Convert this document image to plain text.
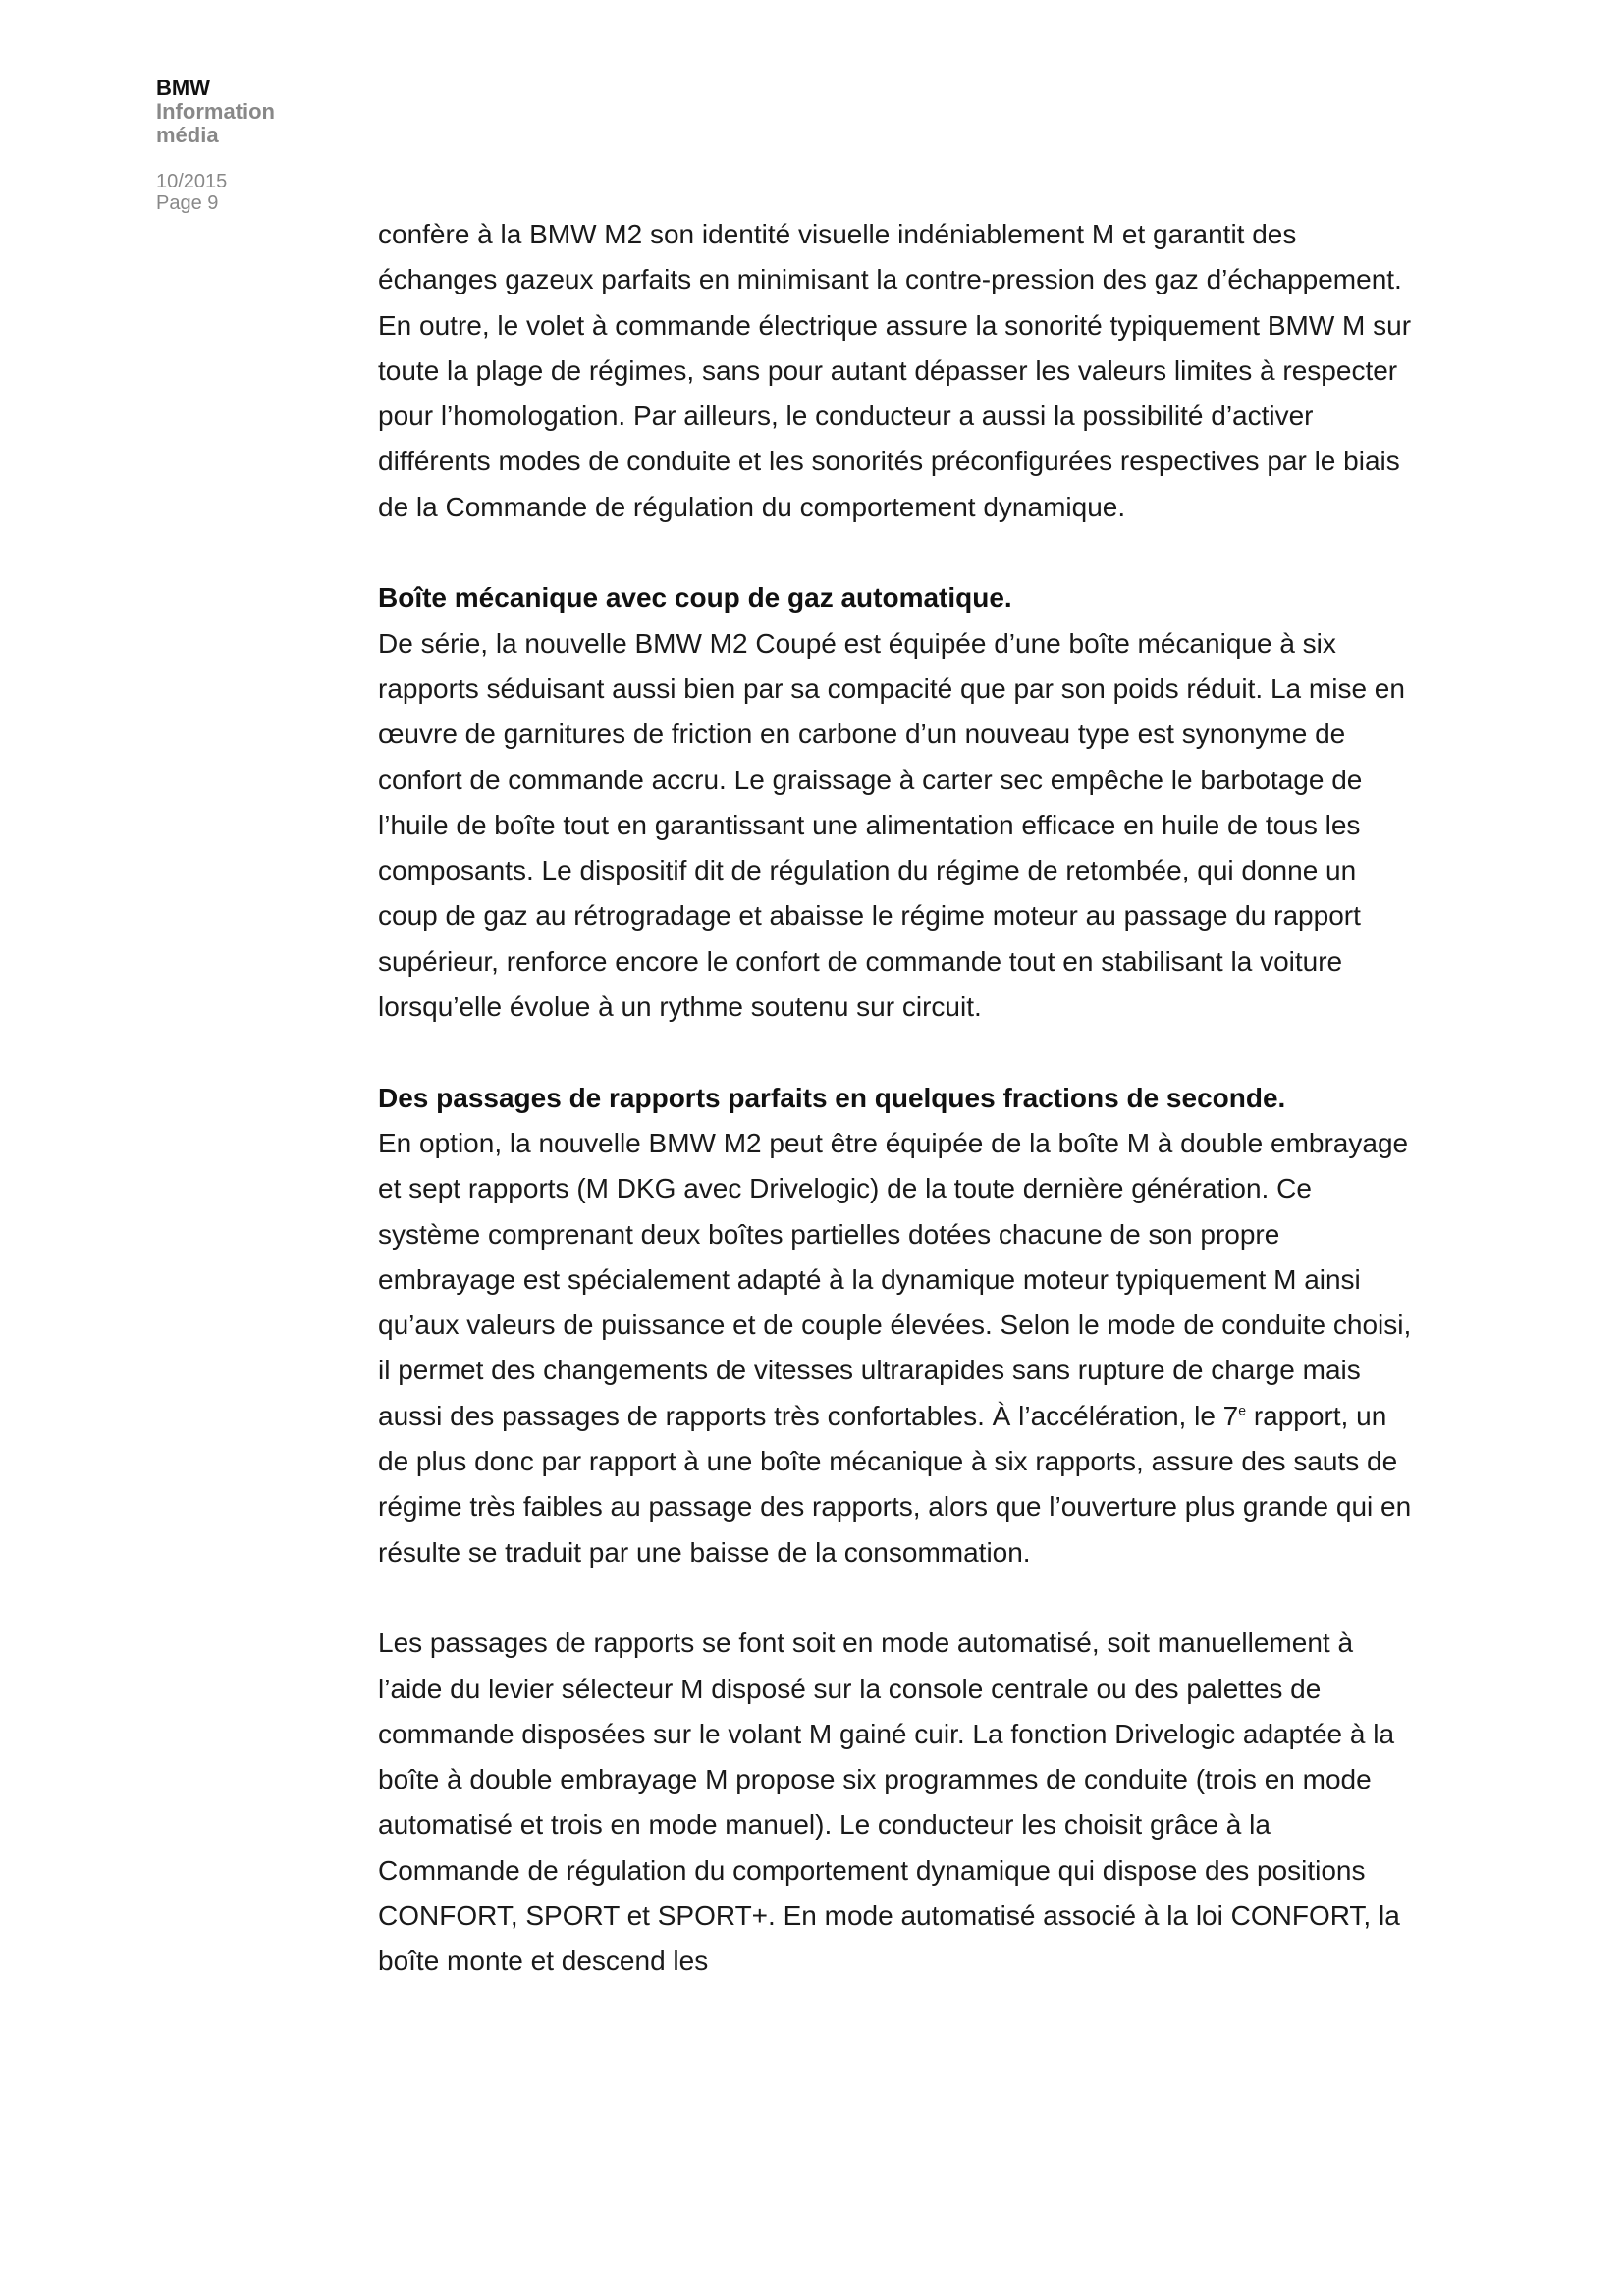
BMW

Information

média

10/2015

Page 9

confère à la BMW M2 son identité visuelle indéniablement M et garantit des échanges gazeux parfaits en minimisant la contre-pression des gaz d’échappement. En outre, le volet à commande électrique assure la sonorité typiquement BMW M sur toute la plage de régimes, sans pour autant dépasser les valeurs limites à respecter pour l’homologation. Par ailleurs, le conducteur a aussi la possibilité d’activer différents modes de conduite et les sonorités préconfigurées respectives par le biais de la Commande de régulation du comportement dynamique.

Boîte mécanique avec coup de gaz automatique.

De série, la nouvelle BMW M2 Coupé est équipée d’une boîte mécanique à six rapports séduisant aussi bien par sa compacité que par son poids réduit. La mise en œuvre de garnitures de friction en carbone d’un nouveau type est synonyme de confort de commande accru. Le graissage à carter sec empêche le barbotage de l’huile de boîte tout en garantissant une alimentation efficace en huile de tous les composants. Le dispositif dit de régulation du régime de retombée, qui donne un coup de gaz au rétrogradage et abaisse le régime moteur au passage du rapport supérieur, renforce encore le confort de commande tout en stabilisant la voiture lorsqu’elle évolue à un rythme soutenu sur circuit.

Des passages de rapports parfaits en quelques fractions de seconde.

En option, la nouvelle BMW M2 peut être équipée de la boîte M à double embrayage et sept rapports (M DKG avec Drivelogic) de la toute dernière génération. Ce système comprenant deux boîtes partielles dotées chacune de son propre embrayage est spécialement adapté à la dynamique moteur typiquement M ainsi qu’aux valeurs de puissance et de couple élevées. Selon le mode de conduite choisi, il permet des changements de vitesses ultrarapides sans rupture de charge mais aussi des passages de rapports très confortables. À l’accélération, le 7e rapport, un de plus donc par rapport à une boîte mécanique à six rapports, assure des sauts de régime très faibles au passage des rapports, alors que l’ouverture plus grande qui en résulte se traduit par une baisse de la consommation.

Les passages de rapports se font soit en mode automatisé, soit manuellement à l’aide du levier sélecteur M disposé sur la console centrale ou des palettes de commande disposées sur le volant M gainé cuir. La fonction Drivelogic adaptée à la boîte à double embrayage M propose six programmes de conduite (trois en mode automatisé et trois en mode manuel). Le conducteur les choisit grâce à la Commande de régulation du comportement dynamique qui dispose des positions CONFORT, SPORT et SPORT+. En mode automatisé associé à la loi CONFORT, la boîte monte et descend les
